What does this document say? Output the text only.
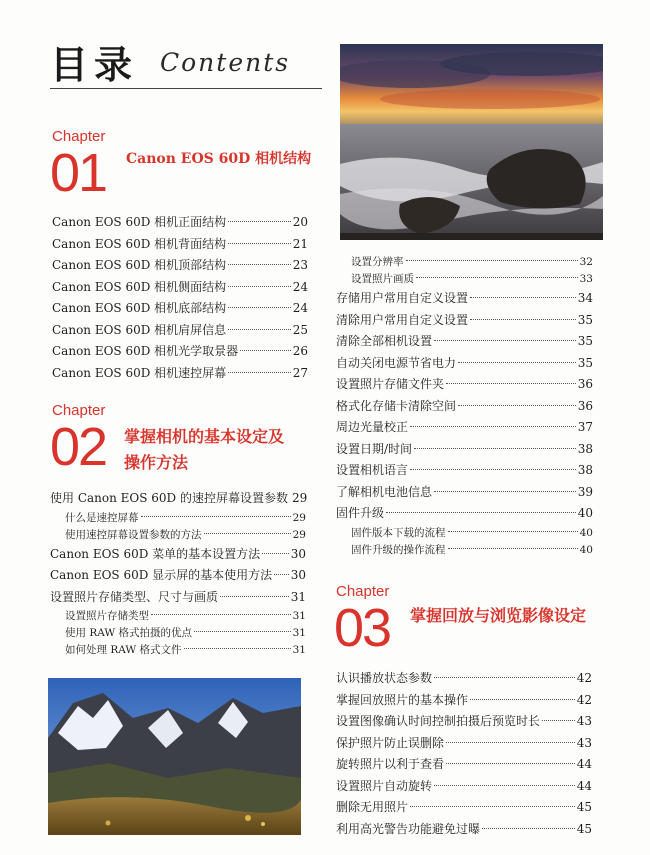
目录 Contents
Chapter
01 Canon EOS 60D 相机结构
Canon EOS 60D 相机正面结构	20
Canon EOS 60D 相机背面结构	21
Canon EOS 60D 相机顶部结构	23
Canon EOS 60D 相机侧面结构	24
Canon EOS 60D 相机底部结构	24
Canon EOS 60D 相机肩屏信息	25
Canon EOS 60D 相机光学取景器	26
Canon EOS 60D 相机速控屏幕	27
Chapter
02 掌握相机的基本设定及
操作方法
使用 Canon EOS 60D 的速控屏幕设置参数 29
什么是速控屏幕	29
使用速控屏幕设置参数的方法	29
Canon EOS 60D 菜单的基本设置方法	30
Canon EOS 60D 显示屏的基本使用方法 30
设置照片存储类型、尺寸与画质	31
设置照片存储类型	31
使用 RAW 格式拍摄的优点	31
如何处理 RAW 格式文件	31
设置分辨率	32
设置照片画质	33
存储用户常用自定义设置	34
清除用户常用自定义设置	35
清除全部相机设置	35
自动关闭电源节省电力	35
设置照片存储文件夹	36
格式化存储卡清除空间	36
周边光量校正	37
设置日期/时间	38
设置相机语言	38
了解相机电池信息	39
固件升级	40
固件版本下载的流程	40
固件升级的操作流程	40
Chapter
03 掌握回放与浏览影像设定
认识播放状态参数	42
掌握回放照片的基本操作	42
设置图像确认时间控制拍摄后预览时长	43
保护照片防止误删除	43
旋转照片以利于查看	44
设置照片自动旋转	44
删除无用照片	45
利用高光警告功能避免过曝	45
